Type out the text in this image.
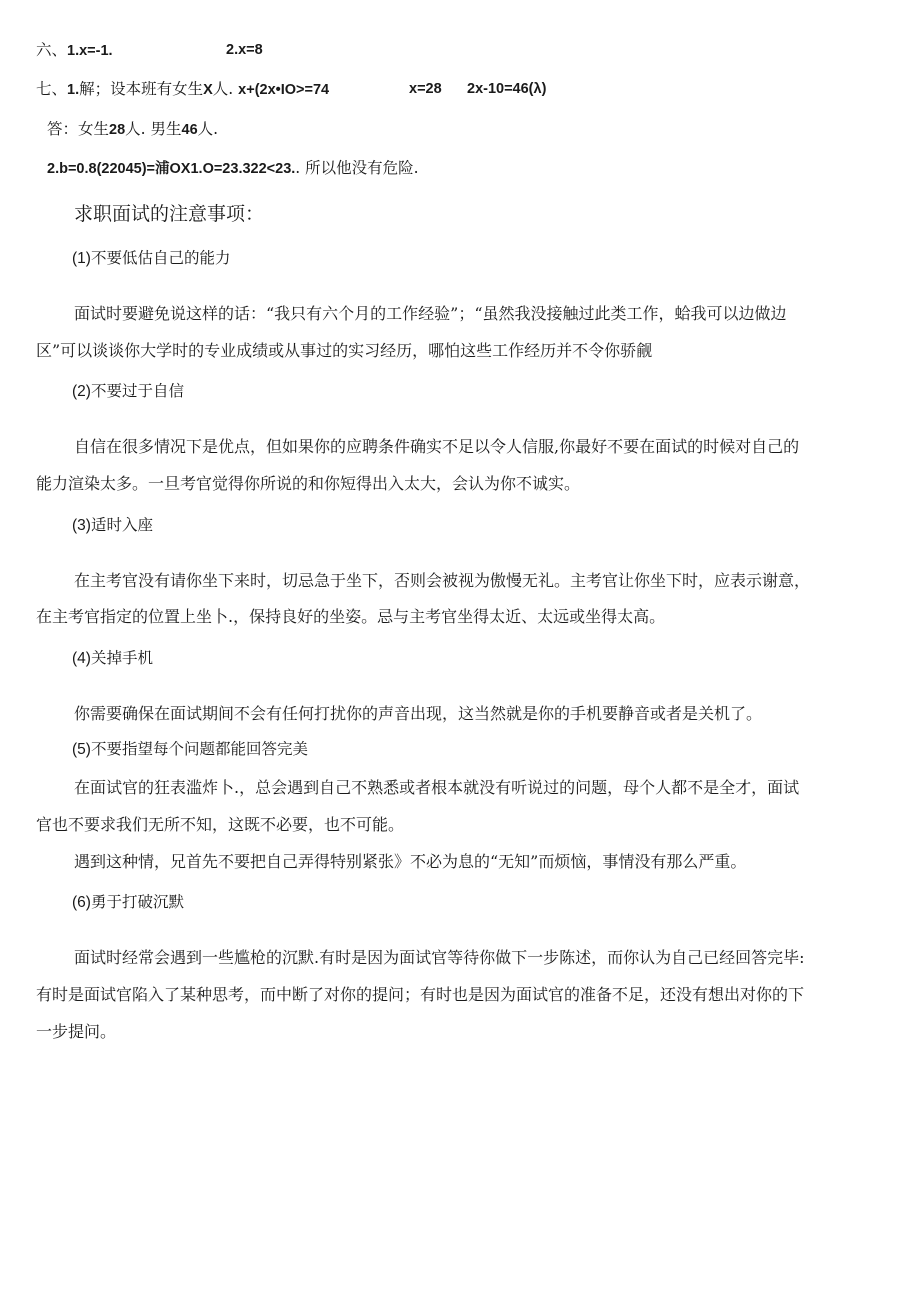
六、1.x=-1.	2.x=8
七、1.解；设本班有女生X人. x+(2x•IO>=74	x=28 2x-10=46(λ)
答：女生28人. 男生46人.
2.b=0.8(22045)=浦OX1.O=23.322<23.. 所以他没有危险.
求职面试的注意事项：
(1)不要低估自己的能力
面试时要避免说这样的话：“我只有六个月的工作经验”；“虽然我没接触过此类工作，蛤我可以边做边
区”可以谈谈你大学时的专业成绩或从事过的实习经历，哪怕这些工作经历并不令你骄觎
(2)不要过于自信
自信在很多情况下是优点，但如果你的应聘条件确实不足以令人信服,你最好不要在面试的时候对自己的
能力渲染太多。一旦考官觉得你所说的和你短得出入太大，会认为你不诚实。
(3)适时入座
在主考官没有请你坐下来时，切忌急于坐下，否则会被视为傲慢无礼。主考官让你坐下时，应表示谢意，
在主考官指定的位置上坐卜.，保持良好的坐姿。忌与主考官坐得太近、太远或坐得太高。
(4)关掉手机
你需要确保在面试期间不会有任何打扰你的声音出现，这当然就是你的手机要静音或者是关机了。
(5)不要指望每个问题都能回答完美
在面试官的狂表滥炸卜.，总会遇到自己不熟悉或者根本就没有听说过的问题，母个人都不是全才，面试
官也不要求我们无所不知，这既不必要，也不可能。
遇到这种情，兄首先不要把自己弄得特别紧张》不必为息的“无知”而烦恼，事情没有那么严重。
(6)勇于打破沉默
面试时经常会遇到一些尴枪的沉默.有时是因为面试官等待你做下一步陈述，而你认为自己已经回答完毕:
有时是面试官陷入了某种思考，而中断了对你的提问；有时也是因为面试官的准备不足，还没有想出对你的下
一步提问。
